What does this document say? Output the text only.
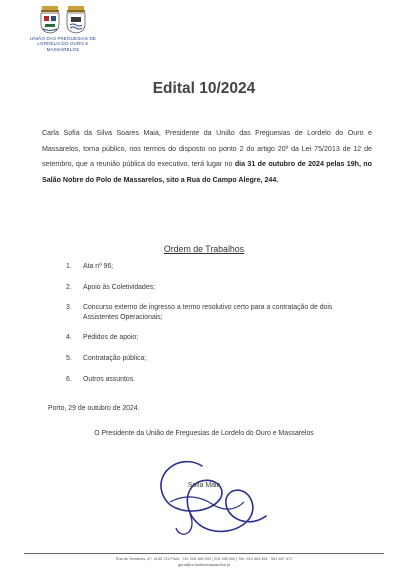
UNIÃO DAS FREGUESIAS DE
LORDELO DO OURO E MASSARELOS
Edital 10/2024
Carla Sofia da Silva Soares Maia, Presidente da União das Freguesias de Lordelo do Ouro e Massarelos, torna público, nos termos do disposto no ponto 2 do artigo 20º da Lei 75/2013 de 12 de setembro, que a reunião pública do executivo, terá lugar no dia 31 de outubro de 2024 pelas 19h, no Salão Nobre do Polo de Massarelos, sito a Rua do Campo Alegre, 244.
Ordem de Trabalhos
1. Ata nº 96;
2. Apoio às Coletividades;
3. Concurso externo de ingresso a termo resolutivo certo para a contratação de dois Assistentes Operacionais;
4. Pedidos de apoio;
5. Contratação pública;
6. Outros assuntos.
Porto, 29 de outubro de 2024.
O Presidente da União de Freguesias de Lordelo do Ouro e Massarelos
Sofia Maia
Rua de Serralves, 67, 4150-711 Porto · Tel. 226 166 990 | 226 166 000 | Tlm. 914 394 461 · 961 557 471
geral@uf-lordelomassarelos.pt
